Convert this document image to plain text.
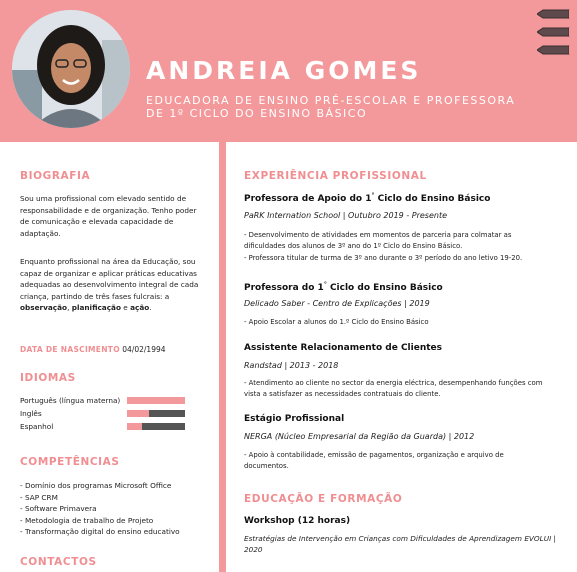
ANDREIA GOMES
EDUCADORA DE ENSINO PRÉ-ESCOLAR E PROFESSORA
DE 1º CICLO DO ENSINO BÁSICO
BIOGRAFIA
Sou uma profissional com elevado sentido de responsabilidade e de organização. Tenho poder de comunicação e elevada capacidade de adaptação.
Enquanto profissional na área da Educação, sou capaz de organizar e aplicar práticas educativas adequadas ao desenvolvimento integral de cada criança, partindo de três fases fulcrais: a observação, planificação e ação.
DATA DE NASCIMENTO 04/02/1994
IDIOMAS
Português (língua materna)
Inglês
Espanhol
COMPETÊNCIAS
- Domínio dos programas Microsoft Office
- SAP CRM
- Software Primavera
- Metodologia de trabalho de Projeto
- Transformação digital do ensino educativo
CONTACTOS
EXPERIÊNCIA PROFISSIONAL
Professora de Apoio do 1° Ciclo do Ensino Básico
PaRK Internation School | Outubro 2019 - Presente
- Desenvolvimento de atividades em momentos de parceria para colmatar as dificuldades dos alunos de 3º ano do 1º Ciclo do Ensino Básico.
- Professora titular de turma de 3º ano durante o 3º período do ano letivo 19-20.
Professora do 1° Ciclo do Ensino Básico
Delicado Saber - Centro de Explicações | 2019
- Apoio Escolar a alunos do 1.º Ciclo do Ensino Básico
Assistente Relacionamento de Clientes
Randstad | 2013 - 2018
- Atendimento ao cliente no sector da energia eléctrica, desempenhando funções com vista a satisfazer as necessidades contratuais do cliente.
Estágio Profissional
NERGA (Núcleo Empresarial da Região da Guarda) | 2012
- Apoio à contabilidade, emissão de pagamentos, organização e arquivo de documentos.
EDUCAÇÃO E FORMAÇÃO
Workshop (12 horas)
Estratégias de Intervenção em Crianças com Dificuldades de Aprendizagem EVOLUI | 2020
